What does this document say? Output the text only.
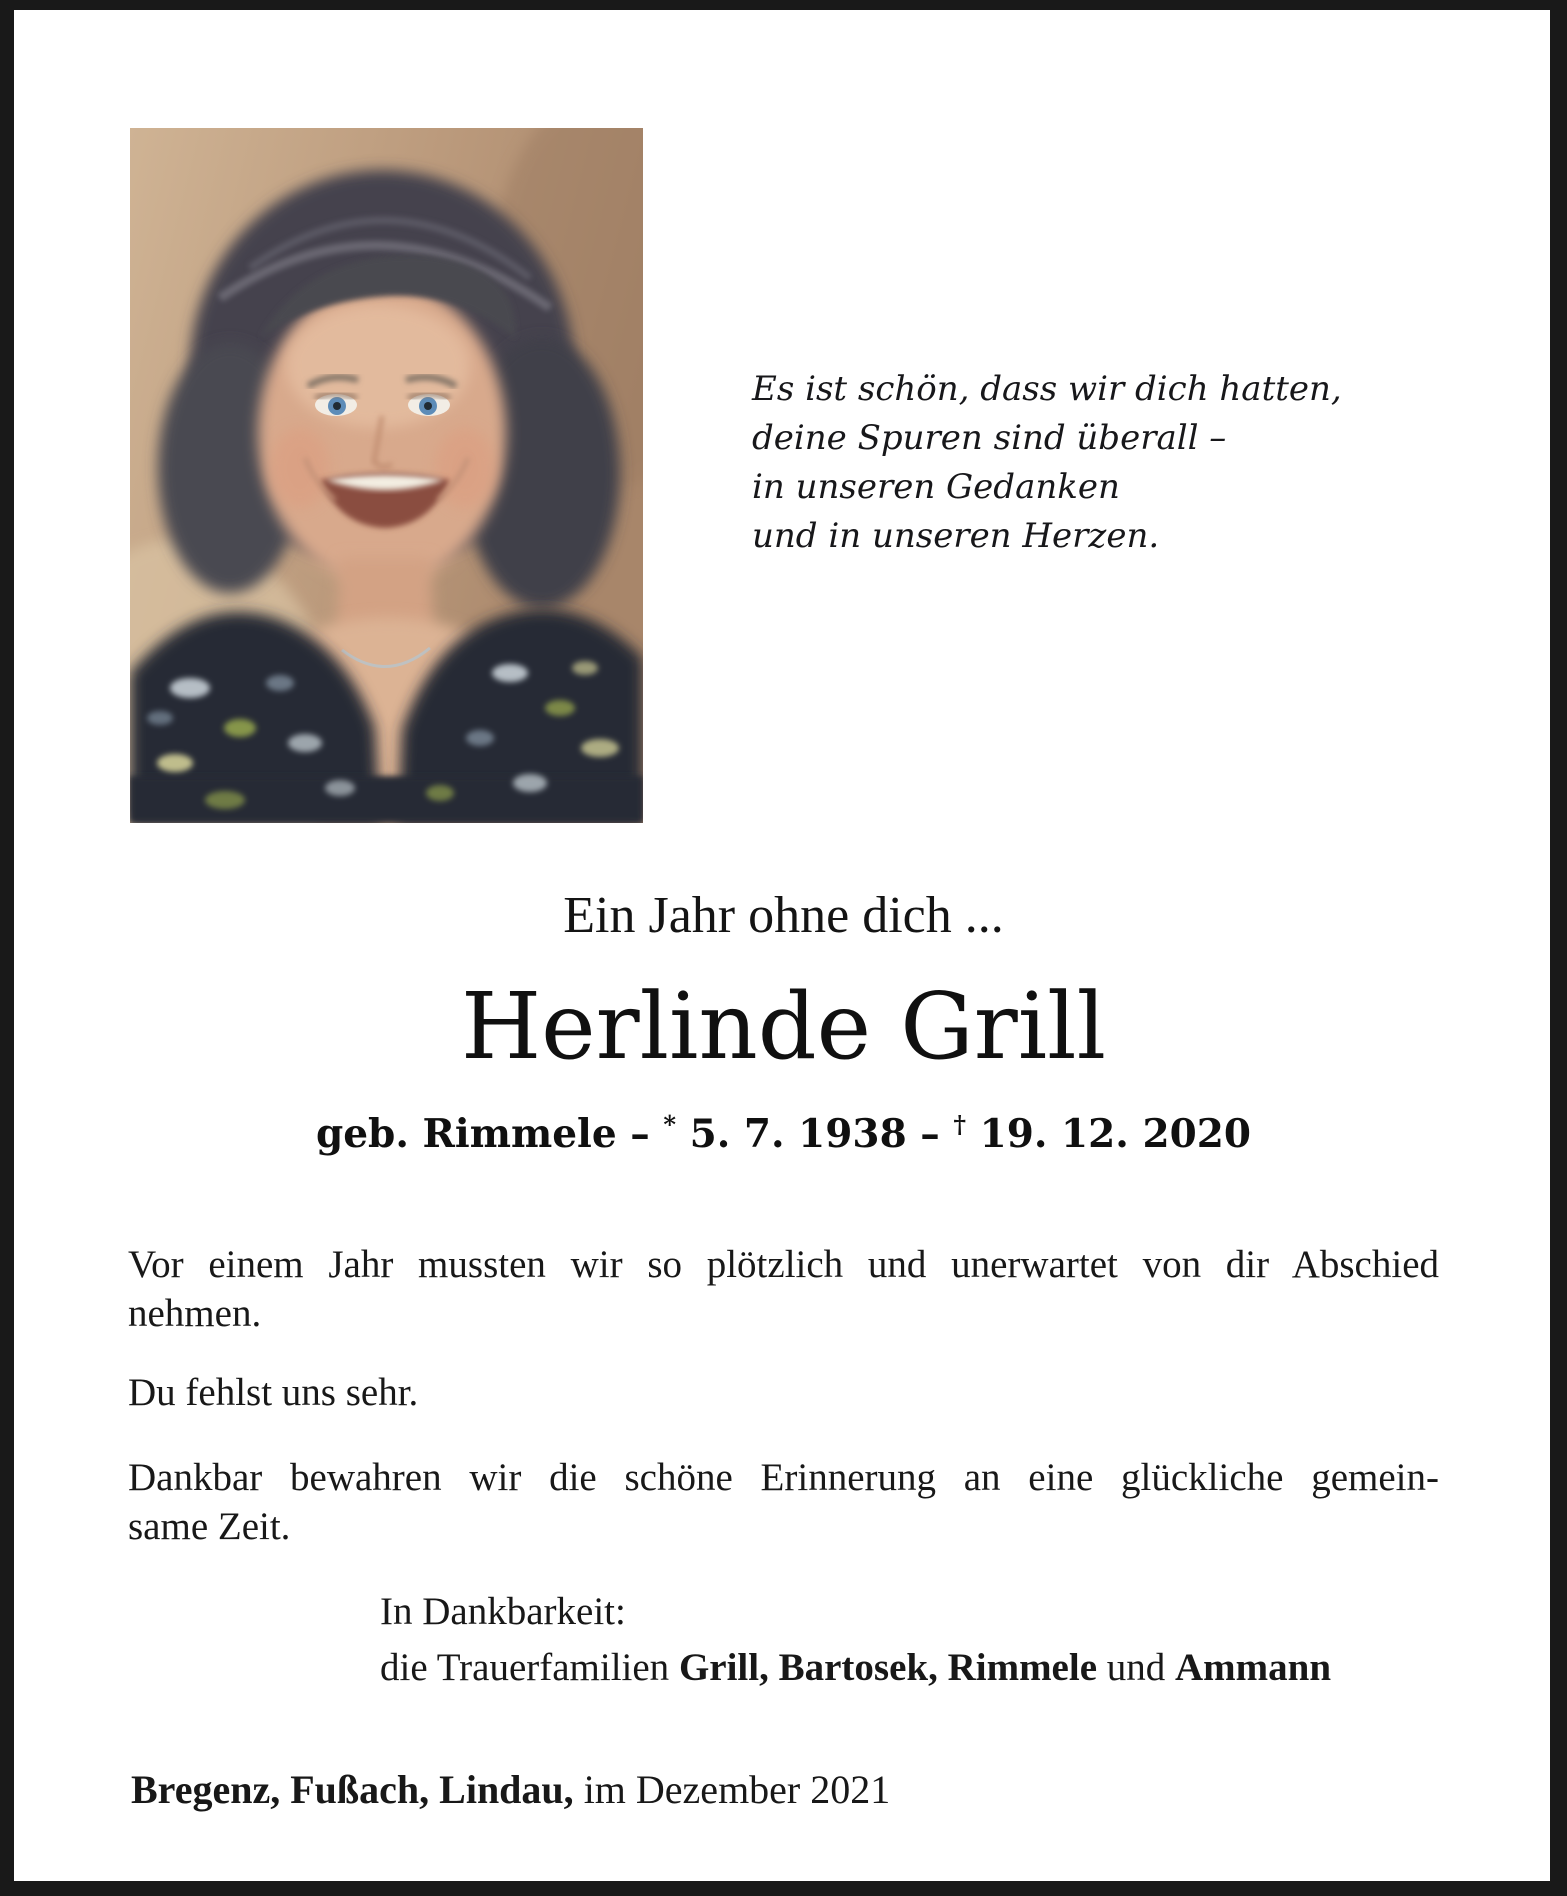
Es ist schön, dass wir dich hatten,
deine Spuren sind überall –
in unseren Gedanken
und in unseren Herzen.
Ein Jahr ohne dich ...
Herlinde Grill
geb. Rimmele – * 5. 7. 1938 – † 19. 12. 2020
Vor einem Jahr mussten wir so plötzlich und unerwartet von dir Abschied
nehmen.
Du fehlst uns sehr.
Dankbar bewahren wir die schöne Erinnerung an eine glückliche gemein-
same Zeit.
In Dankbarkeit:
die Trauerfamilien Grill, Bartosek, Rimmele und Ammann
Bregenz, Fußach, Lindau, im Dezember 2021
